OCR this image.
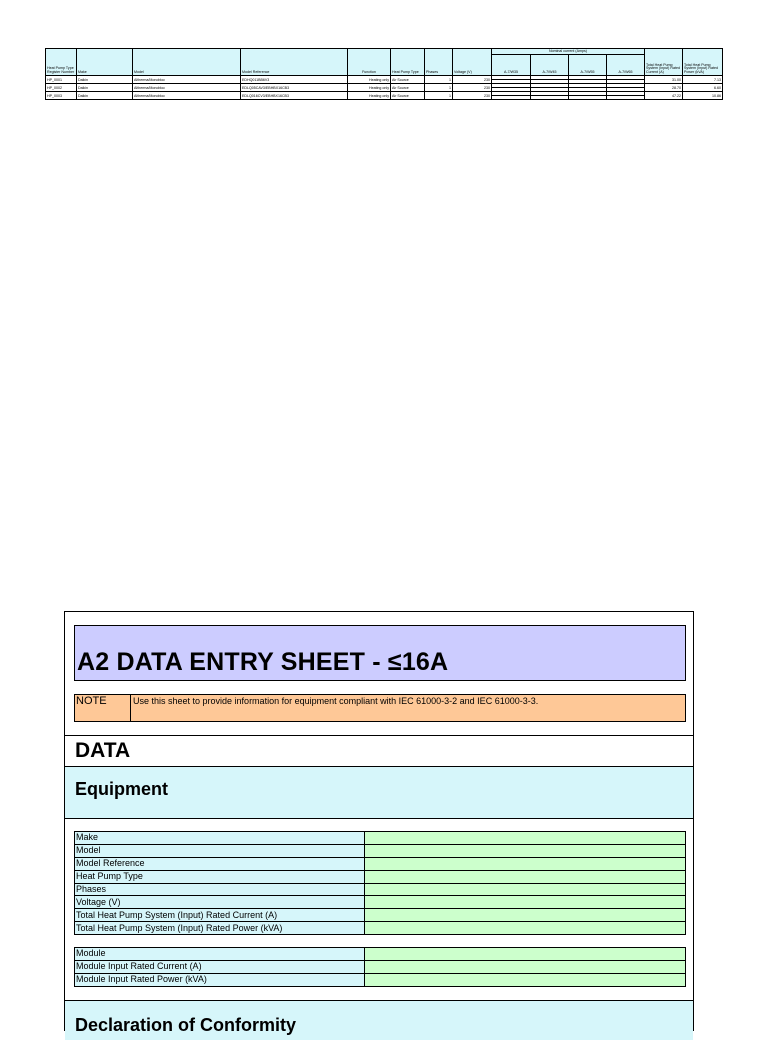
Heat Pump Type Register Number	Make	Model	Model Reference	Function	Heat Pump Type	Phases	Voltage (V)	Nominal current (Amps)				Total Heat Pump System (Input) Rated Current (A)	Total Heat Pump System (Input) Rated Power (kVA)
								A-7/W35	A-7/W45	A-7/W55	A-7/W65		
HP_0001	Daikin	Altherma/Monobloc	EDHQ011BB6V3	Heating only	Air Source	1	230					31.00	7.13
HP_0002	Daikin	Altherma/Monobloc	EDLQ05CAV3/EBHBX16CB3	Heating only	Air Source	1	230					28.70	6.60
HP_0003	Daikin	Altherma/Monobloc	EDLQ016CV3/EBHBX16CB3	Heating only	Air Source	1	230					47.22	10.86
A2 DATA ENTRY SHEET - ≤16A
NOTE	Use this sheet to provide information for equipment compliant with IEC 61000-3-2 and IEC 61000-3-3.
DATA
Equipment
Make	
Model	
Model Reference	
Heat Pump Type	
Phases	
Voltage (V)	
Total Heat Pump System (Input) Rated Current (A)	
Total Heat Pump System (Input) Rated Power (kVA)	
Module	
Module Input Rated Current (A)	
Module Input Rated Power (kVA)	
Declaration of Conformity
